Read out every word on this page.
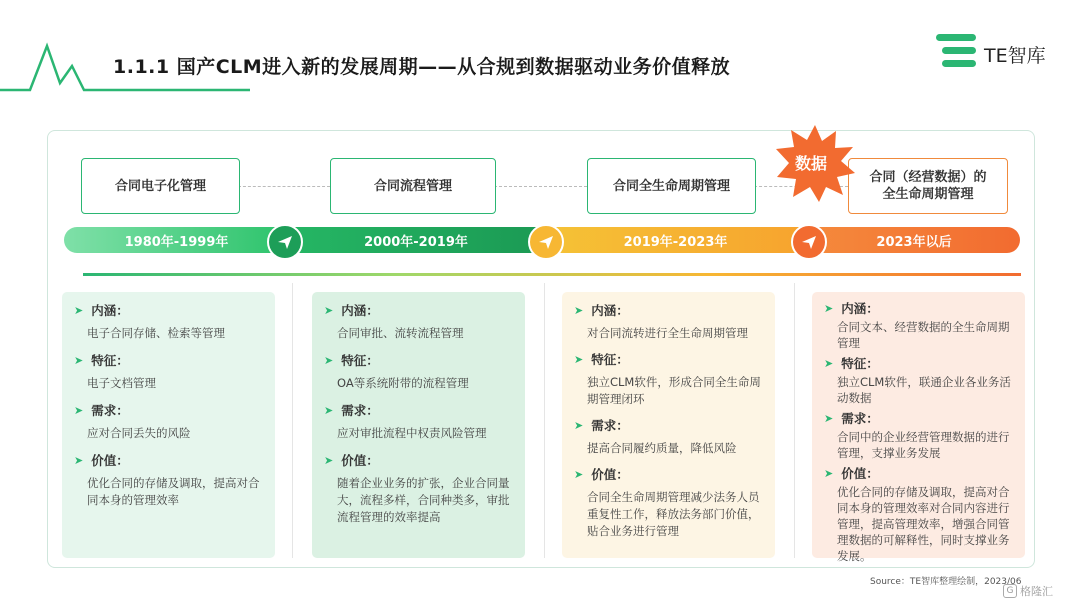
1.1.1 国产CLM进入新的发展周期——从合规到数据驱动业务价值释放	TE智库
合同电子化管理	合同流程管理	合同全生命周期管理
合同（经营数据）的
全生命周期管理
数据
1980年-1999年	2000年-2019年	2019年-2023年	2023年以后
➤ 内涵：
电子合同存储、检索等管理
➤ 特征：
电子文档管理
➤ 需求：
应对合同丢失的风险
➤ 价值：
优化合同的存储及调取，提高对合同本身的管理效率
➤ 内涵：
合同审批、流转流程管理
➤ 特征：
OA等系统附带的流程管理
➤ 需求：
应对审批流程中权责风险管理
➤ 价值：
随着企业业务的扩张，企业合同量大，流程多样，合同种类多，审批流程管理的效率提高
➤ 内涵：
对合同流转进行全生命周期管理
➤ 特征：
独立CLM软件，形成合同全生命周期管理闭环
➤ 需求：
提高合同履约质量，降低风险
➤ 价值：
合同全生命周期管理减少法务人员重复性工作，释放法务部门价值，贴合业务进行管理
➤ 内涵：
合同文本、经营数据的全生命周期管理
➤ 特征：
独立CLM软件，联通企业各业务活动数据
➤ 需求：
合同中的企业经营管理数据的进行管理，支撑业务发展
➤ 价值：
优化合同的存储及调取，提高对合同本身的管理效率对合同内容进行管理，提高管理效率，增强合同管理数据的可解释性，同时支撑业务发展。
Source：TE智库整理绘制，2023/06
G 格隆汇
